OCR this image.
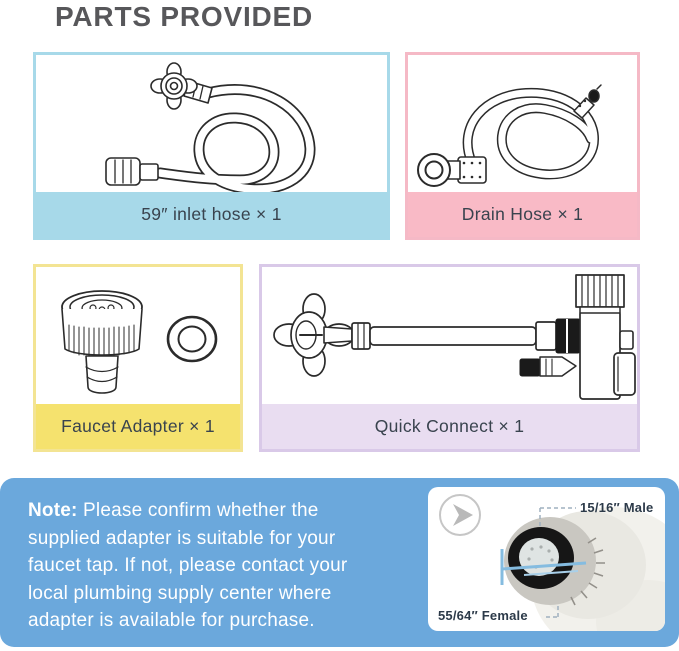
PARTS PROVIDED
59″ inlet hose × 1	Drain Hose × 1
Faucet Adapter × 1	Quick Connect × 1
Note: Please confirm whether the
supplied adapter is suitable for your
faucet tap. If not, please contact your
local plumbing supply center where
adapter is available for purchase.
15/16″ Male
55/64″ Female
